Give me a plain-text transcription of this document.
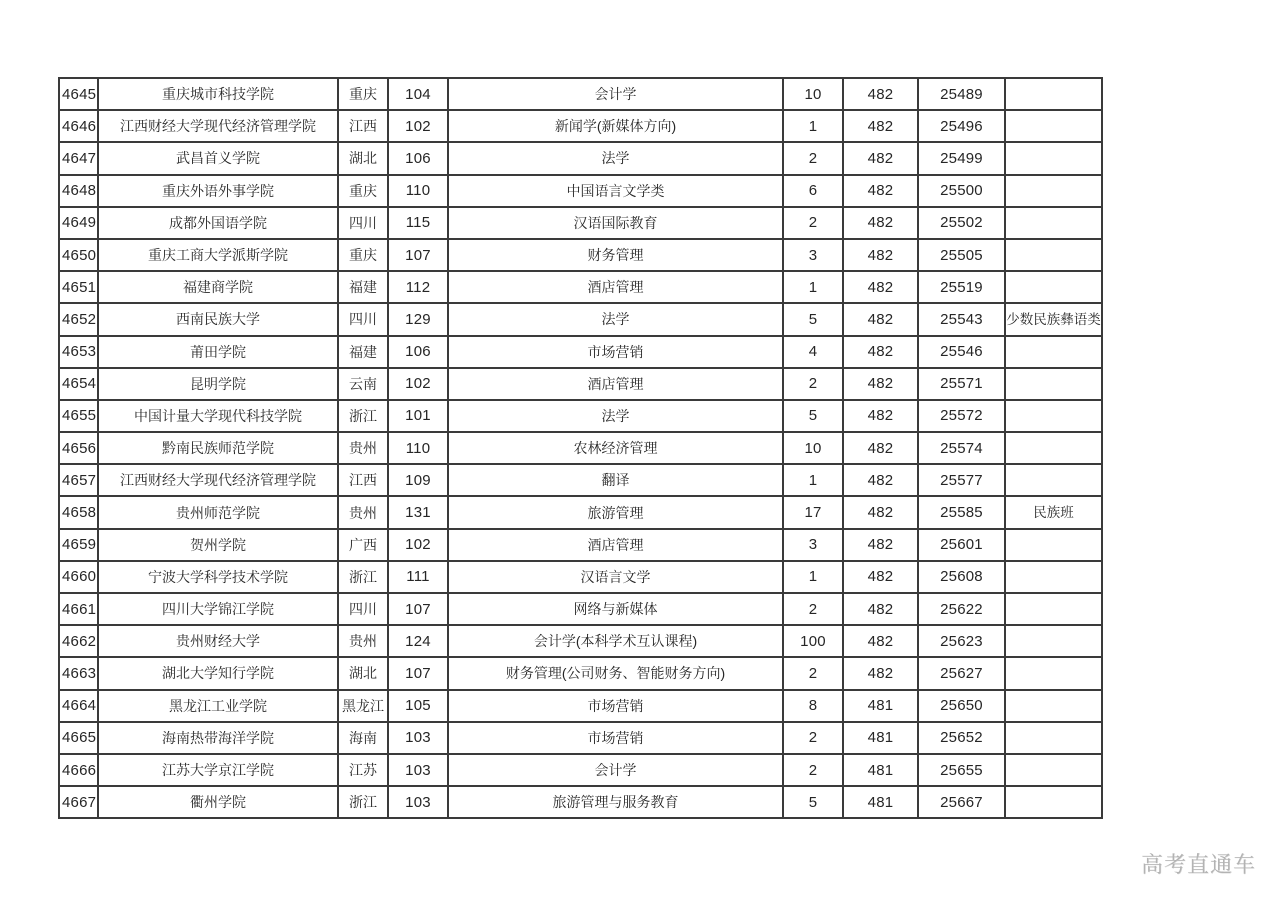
4645	重庆城市科技学院	重庆	104	会计学	10	482	25489	
4646	江西财经大学现代经济管理学院	江西	102	新闻学(新媒体方向)	1	482	25496	
4647	武昌首义学院	湖北	106	法学	2	482	25499	
4648	重庆外语外事学院	重庆	110	中国语言文学类	6	482	25500	
4649	成都外国语学院	四川	115	汉语国际教育	2	482	25502	
4650	重庆工商大学派斯学院	重庆	107	财务管理	3	482	25505	
4651	福建商学院	福建	112	酒店管理	1	482	25519	
4652	西南民族大学	四川	129	法学	5	482	25543	少数民族彝语类
4653	莆田学院	福建	106	市场营销	4	482	25546	
4654	昆明学院	云南	102	酒店管理	2	482	25571	
4655	中国计量大学现代科技学院	浙江	101	法学	5	482	25572	
4656	黔南民族师范学院	贵州	110	农林经济管理	10	482	25574	
4657	江西财经大学现代经济管理学院	江西	109	翻译	1	482	25577	
4658	贵州师范学院	贵州	131	旅游管理	17	482	25585	民族班
4659	贺州学院	广西	102	酒店管理	3	482	25601	
4660	宁波大学科学技术学院	浙江	111	汉语言文学	1	482	25608	
4661	四川大学锦江学院	四川	107	网络与新媒体	2	482	25622	
4662	贵州财经大学	贵州	124	会计学(本科学术互认课程)	100	482	25623	
4663	湖北大学知行学院	湖北	107	财务管理(公司财务、智能财务方向)	2	482	25627	
4664	黑龙江工业学院	黑龙江	105	市场营销	8	481	25650	
4665	海南热带海洋学院	海南	103	市场营销	2	481	25652	
4666	江苏大学京江学院	江苏	103	会计学	2	481	25655	
4667	衢州学院	浙江	103	旅游管理与服务教育	5	481	25667	
高考直通车
